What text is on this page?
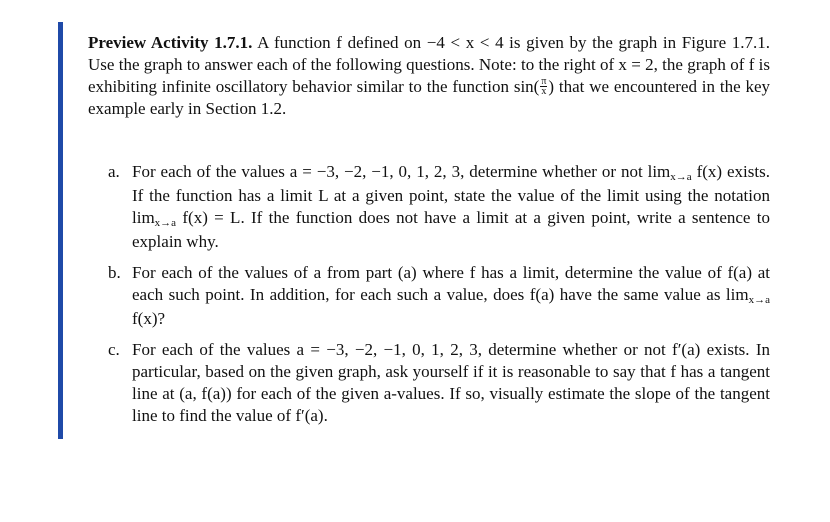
Preview Activity 1.7.1. A function f defined on −4 < x < 4 is given by the graph in Figure 1.7.1. Use the graph to answer each of the following questions. Note: to the right of x = 2, the graph of f is exhibiting infinite oscillatory behavior similar to the function $\sin( \frac{\pi}{x}$ ) that we encountered in the key example early in Section 1.2.
a. For each of the values a = −3, −2, −1, 0, 1, 2, 3, determine whether or not limx→a f(x) exists. If the function has a limit L at a given point, state the value of the limit using the notation limx→a f(x) = L. If the function does not have a limit at a given point, write a sentence to explain why.
b. For each of the values of a from part (a) where f has a limit, determine the value of f(a) at each such point. In addition, for each such a value, does f(a) have the same value as limx→a f(x)?
c. For each of the values a = −3, −2, −1, 0, 1, 2, 3, determine whether or not f′(a) exists. In particular, based on the given graph, ask yourself if it is reasonable to say that f has a tangent line at (a, f(a)) for each of the given a-values. If so, visually estimate the slope of the tangent line to find the value of f′(a).
